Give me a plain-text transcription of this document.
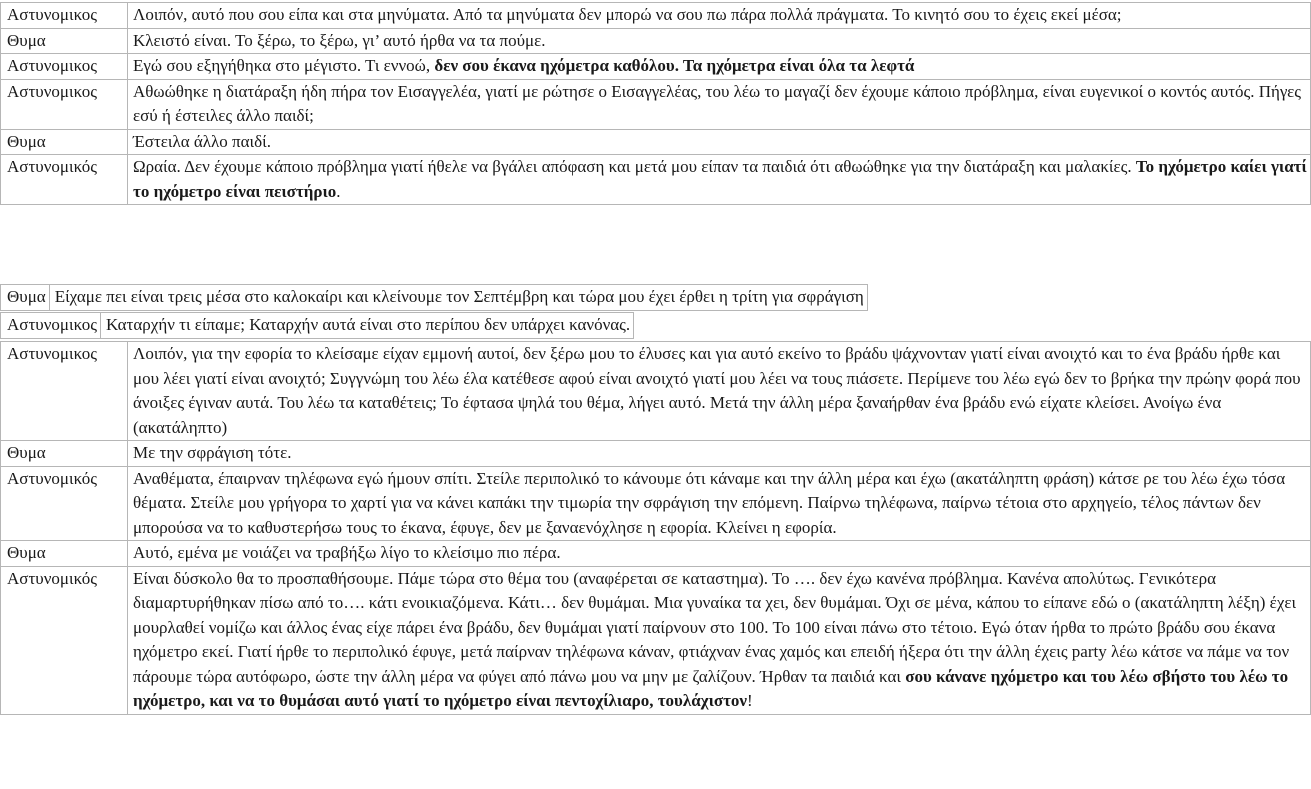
Αστυνομικος	Λοιπόν, αυτό που σου είπα και στα μηνύματα. Από τα μηνύματα δεν μπορώ να σου πω πάρα πολλά πράγματα. Το κινητό σου το έχεις εκεί μέσα;
Θυμα	Κλειστό είναι. Το ξέρω, το ξέρω, γι’ αυτό ήρθα να τα πούμε.
Αστυνομικος	Εγώ σου εξηγήθηκα στο μέγιστο. Τι εννοώ, δεν σου έκανα ηχόμετρα καθόλου. Τα ηχόμετρα είναι όλα τα λεφτά
Αστυνομικος	Αθωώθηκε η διατάραξη ήδη πήρα τον Εισαγγελέα, γιατί με ρώτησε ο Εισαγγελέας, του λέω το μαγαζί δεν έχουμε κάποιο πρόβλημα, είναι ευγενικοί ο κοντός αυτός. Πήγες εσύ ή έστειλες άλλο παιδί;
Θυμα	Έστειλα άλλο παιδί.
Αστυνομικός	Ωραία. Δεν έχουμε κάποιο πρόβλημα γιατί ήθελε να βγάλει απόφαση και μετά μου είπαν τα παιδιά ότι αθωώθηκε για την διατάραξη και μαλακίες. Το ηχόμετρο καίει γιατί το ηχόμετρο είναι πειστήριο.
Θυμα	Είχαμε πει είναι τρεις μέσα στο καλοκαίρι και κλείνουμε τον Σεπτέμβρη και τώρα μου έχει έρθει η τρίτη για σφράγιση
Αστυνομικος	Καταρχήν τι είπαμε; Καταρχήν αυτά είναι στο περίπου δεν υπάρχει κανόνας.
Αστυνομικος	Λοιπόν, για την εφορία το κλείσαμε είχαν εμμονή αυτοί, δεν ξέρω μου το έλυσες και για αυτό εκείνο το βράδυ ψάχνονταν γιατί είναι ανοιχτό και το ένα βράδυ ήρθε και μου λέει γιατί είναι ανοιχτό; Συγγνώμη του λέω έλα κατέθεσε αφού είναι ανοιχτό γιατί μου λέει να τους πιάσετε. Περίμενε του λέω εγώ δεν το βρήκα την πρώην φορά που άνοιξες έγιναν αυτά. Του λέω τα καταθέτεις; Το έφτασα ψηλά του θέμα, λήγει αυτό. Μετά την άλλη μέρα ξαναήρθαν ένα βράδυ ενώ είχατε κλείσει. Ανοίγω ένα (ακατάληπτο)
Θυμα	Με την σφράγιση τότε.
Αστυνομικός	Αναθέματα, έπαιρναν τηλέφωνα εγώ ήμουν σπίτι. Στείλε περιπολικό το κάνουμε ότι κάναμε και την άλλη μέρα και έχω (ακατάληπτη φράση) κάτσε ρε του λέω έχω τόσα θέματα. Στείλε μου γρήγορα το χαρτί για να κάνει καπάκι την τιμωρία την σφράγιση την επόμενη. Παίρνω τηλέφωνα, παίρνω τέτοια στο αρχηγείο, τέλος πάντων δεν μπορούσα να το καθυστερήσω τους το έκανα, έφυγε, δεν με ξαναενόχλησε η εφορία. Κλείνει η εφορία.
Θυμα	Αυτό, εμένα με νοιάζει να τραβήξω λίγο το κλείσιμο πιο πέρα.
Αστυνομικός	Είναι δύσκολο θα το προσπαθήσουμε. Πάμε τώρα στο θέμα του (αναφέρεται σε καταστημα). Το …. δεν έχω κανένα πρόβλημα. Κανένα απολύτως. Γενικότερα διαμαρτυρήθηκαν πίσω από το…. κάτι ενοικιαζόμενα. Κάτι… δεν θυμάμαι. Μια γυναίκα τα χει, δεν θυμάμαι. Όχι σε μένα, κάπου το είπανε εδώ ο (ακατάληπτη λέξη) έχει μουρλαθεί νομίζω και άλλος ένας είχε πάρει ένα βράδυ, δεν θυμάμαι γιατί παίρνουν στο 100. Το 100 είναι πάνω στο τέτοιο. Εγώ όταν ήρθα το πρώτο βράδυ σου έκανα ηχόμετρο εκεί. Γιατί ήρθε το περιπολικό έφυγε, μετά παίρναν τηλέφωνα κάναν, φτιάχναν ένας χαμός και επειδή ήξερα ότι την άλλη έχεις party λέω κάτσε να πάμε να τον πάρουμε τώρα αυτόφωρο, ώστε την άλλη μέρα να φύγει από πάνω μου να μην με ζαλίζουν. Ήρθαν τα παιδιά και σου κάνανε ηχόμετρο και του λέω σβήστο του λέω το ηχόμετρο, και να το θυμάσαι αυτό γιατί το ηχόμετρο είναι πεντοχίλιαρο, τουλάχιστον!
